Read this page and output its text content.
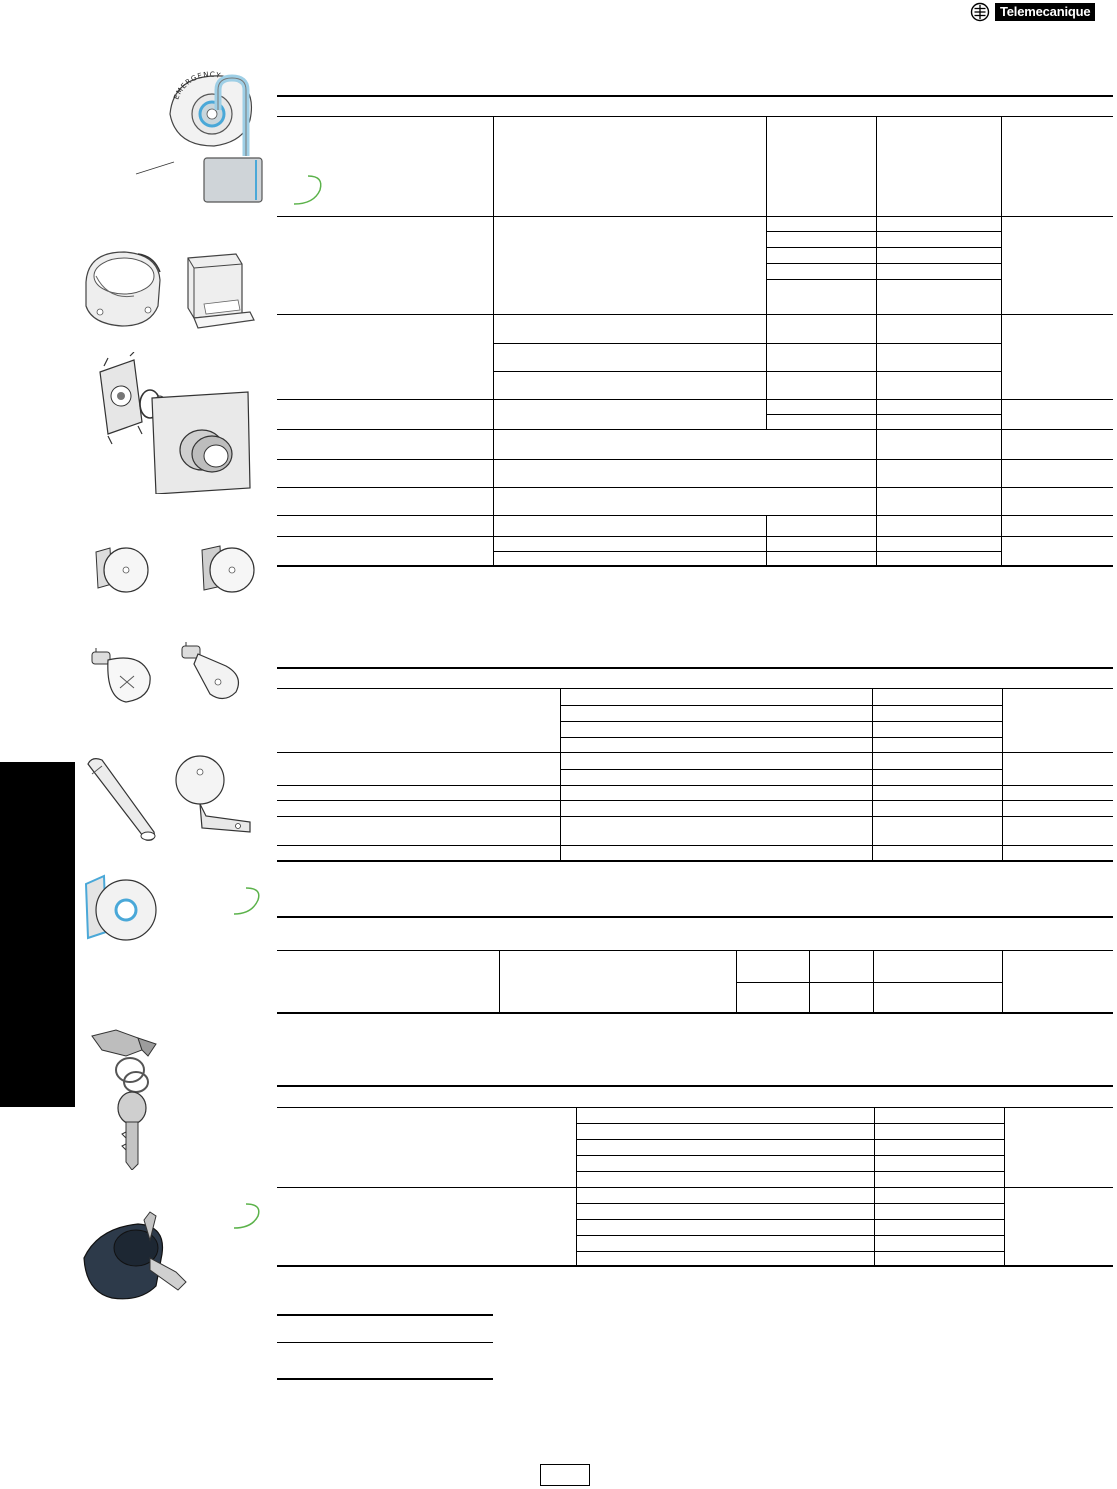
Telemecanique
EMERGENCY
